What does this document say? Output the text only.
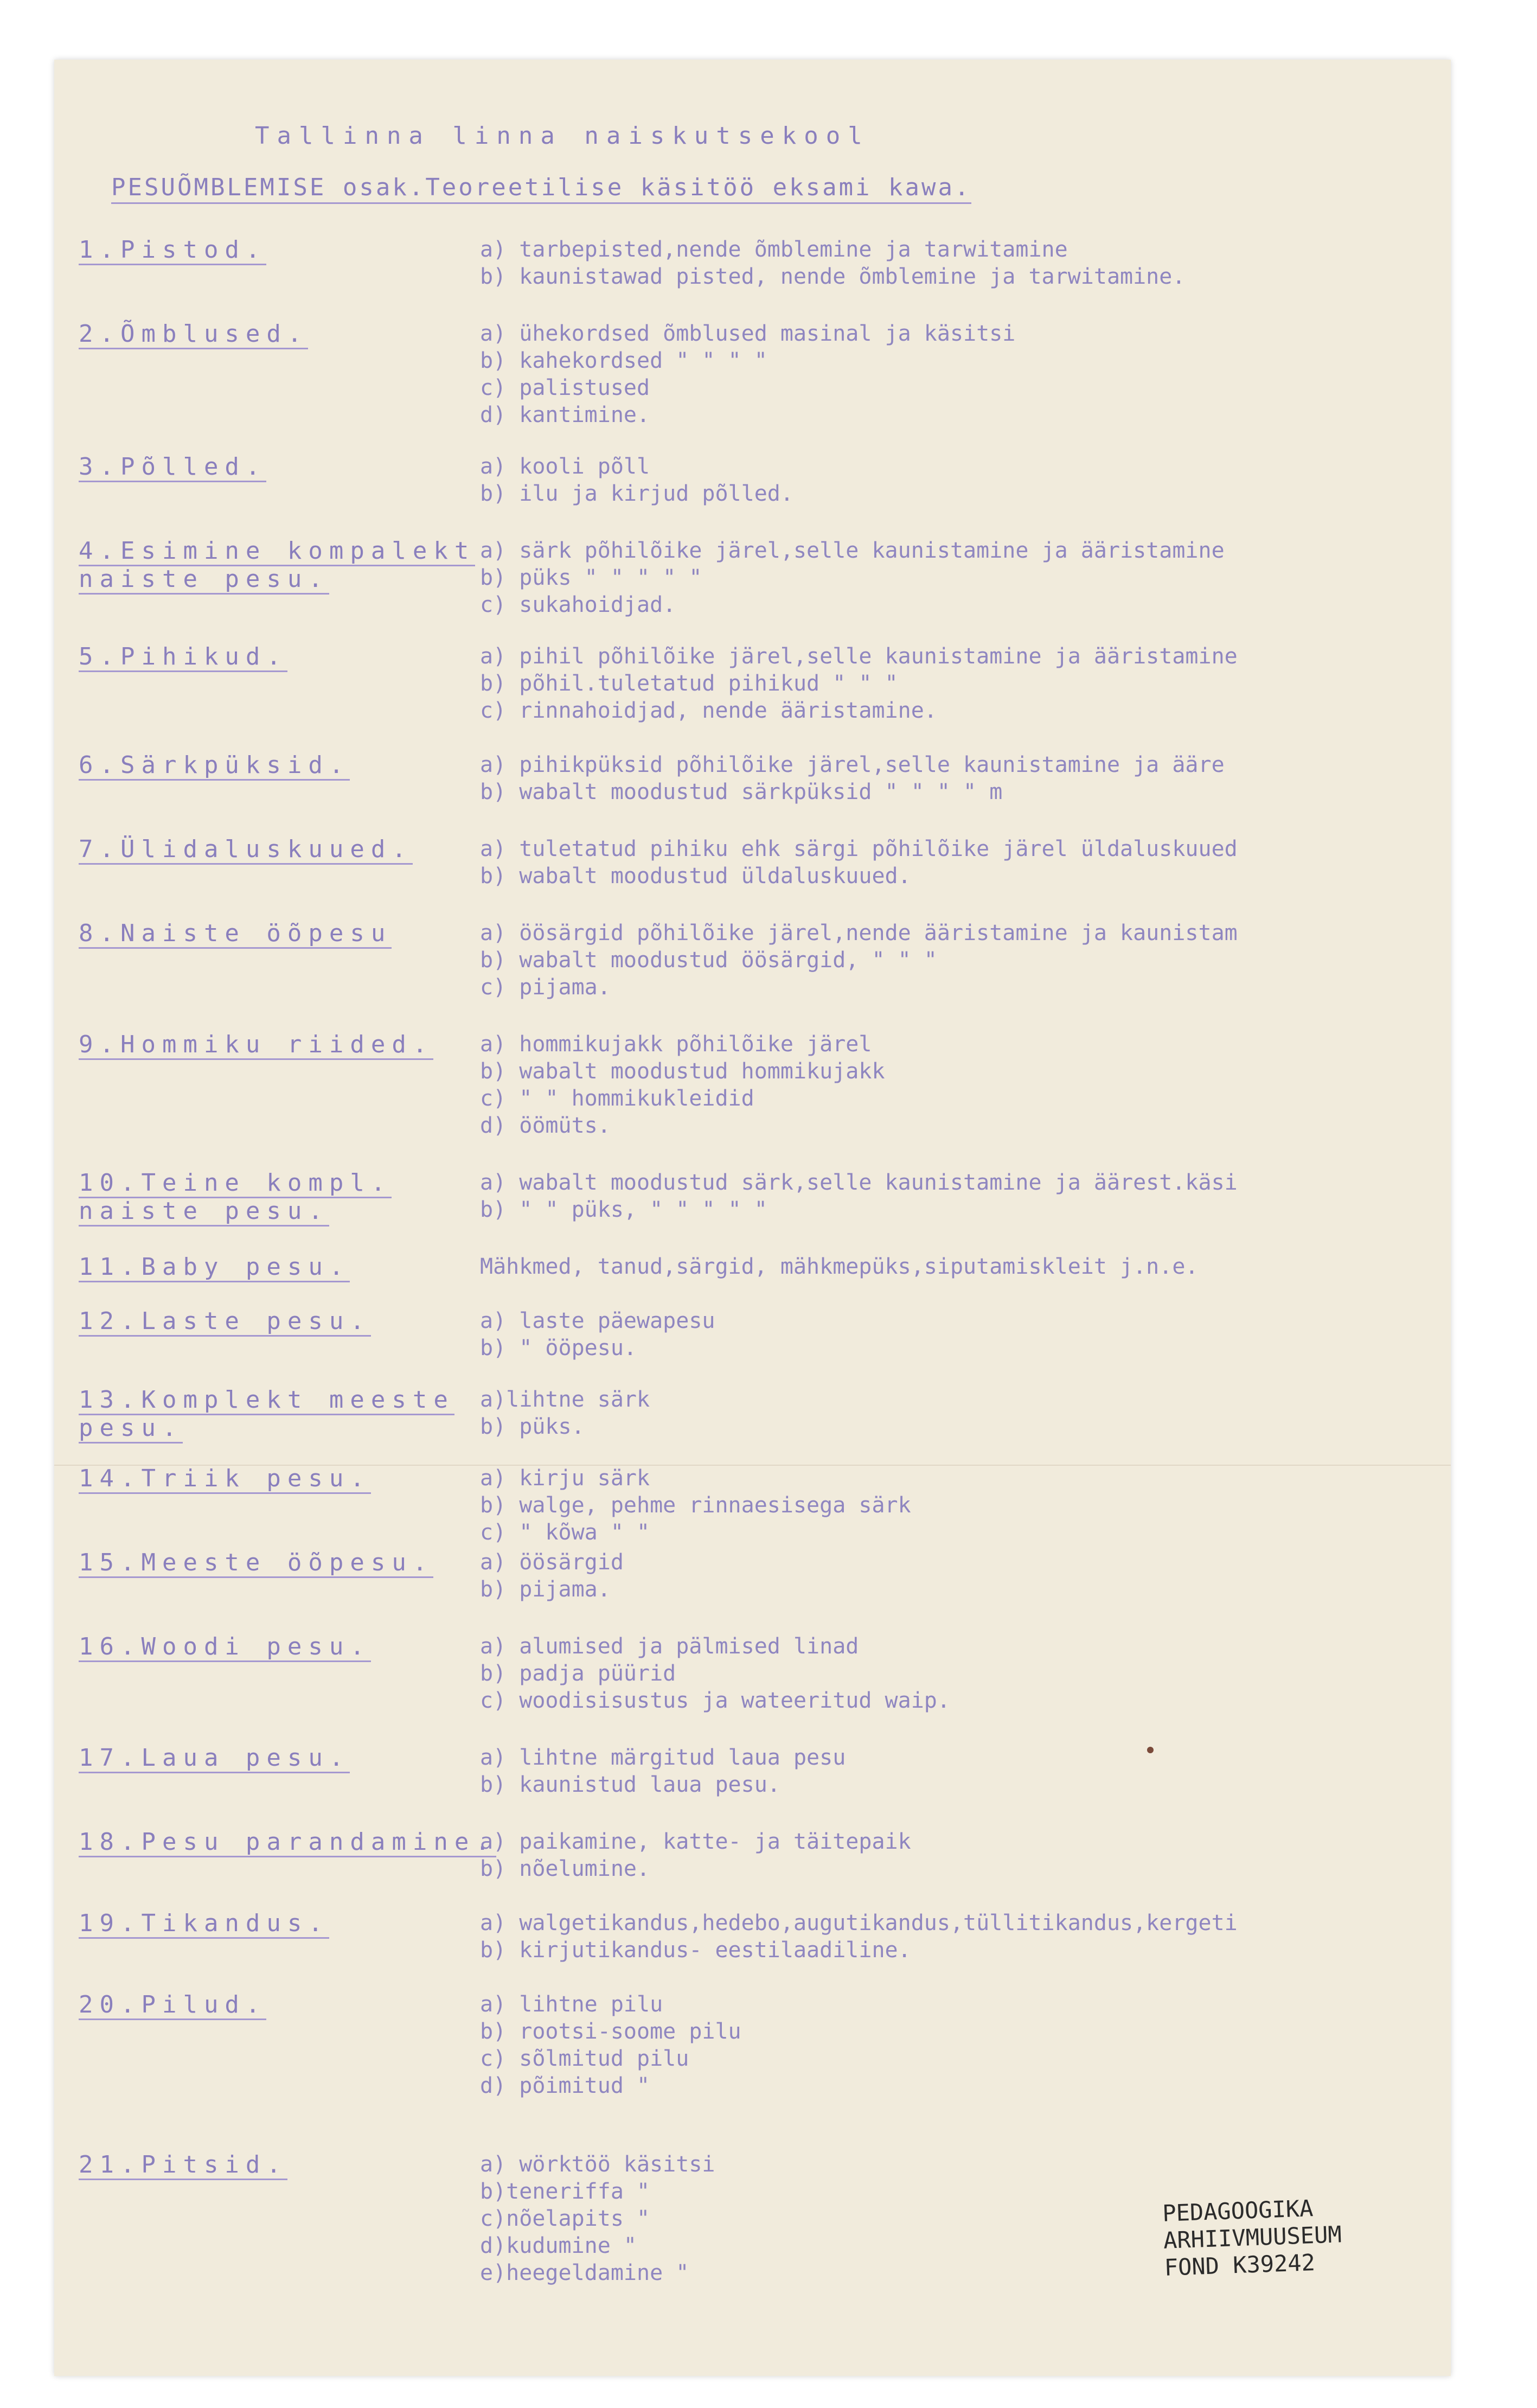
Tallinna linna naiskutsekool
PESUÕMBLEMISE osak.Teoreetilise käsitöö eksami kawa.
1.Pistod.	a) tarbepisted,nende õmblemine ja tarwitamine
b) kaunistawad pisted, nende õmblemine ja tarwitamine.
2.Õmblused.	a) ühekordsed õmblused masinal ja käsitsi
b) kahekordsed " " " "
c) palistused
d) kantimine.
3.Põlled.	a) kooli põll
b) ilu ja kirjud põlled.
4.Esimine kompalekt naiste pesu.
a) särk põhilõike järel,selle kaunistamine ja ääristamine
b) püks " " " " "
c) sukahoidjad.
5.Pihikud.	a) pihil põhilõike järel,selle kaunistamine ja ääristamine
b) põhil.tuletatud pihikud " " "
c) rinnahoidjad, nende ääristamine.
6.Särkpüksid.	a) pihikpüksid põhilõike järel,selle kaunistamine ja ääre
b) wabalt moodustud särkpüksid " " " " m
7.Ülidaluskuued.	a) tuletatud pihiku ehk särgi põhilõike järel üldaluskuued
b) wabalt moodustud üldaluskuued.
8.Naiste öõpesu	a) öösärgid põhilõike järel,nende ääristamine ja kaunistam
b) wabalt moodustud öösärgid, " " "
c) pijama.
9.Hommiku riided.	a) hommikujakk põhilõike järel
b) wabalt moodustud hommikujakk
c) " " hommikukleidid
d) öömüts.
10.Teine kompl. naiste pesu.
a) wabalt moodustud särk,selle kaunistamine ja äärest.käsi
b) " " püks, " " " " "
11.Baby pesu.	Mähkmed, tanud,särgid, mähkmepüks,siputamiskleit j.n.e.
12.Laste pesu.	a) laste päewapesu
b) " ööpesu.
13.Komplekt meeste pesu.
a)lihtne särk
b) püks.
14.Triik pesu.	a) kirju särk
b) walge, pehme rinnaesisega särk
c) " kõwa " "
15.Meeste öõpesu.	a) öösärgid
b) pijama.
16.Woodi pesu.	a) alumised ja pälmised linad
b) padja püürid
c) woodisisustus ja wateeritud waip.
17.Laua pesu.	a) lihtne märgitud laua pesu
b) kaunistud laua pesu.
18.Pesu parandamine.
a) paikamine, katte- ja täitepaik
b) nõelumine.
19.Tikandus.	a) walgetikandus,hedebo,augutikandus,tüllitikandus,kergeti
b) kirjutikandus- eestilaadiline.
20.Pilud.	a) lihtne pilu
b) rootsi-soome pilu
c) sõlmitud pilu
d) põimitud "
21.Pitsid.	a) wörktöö käsitsi
b)teneriffa "
c)nõelapits "
d)kudumine "
e)heegeldamine "
PEDAGOOGIKA
ARHIIVMUUSEUM
FOND K39242
